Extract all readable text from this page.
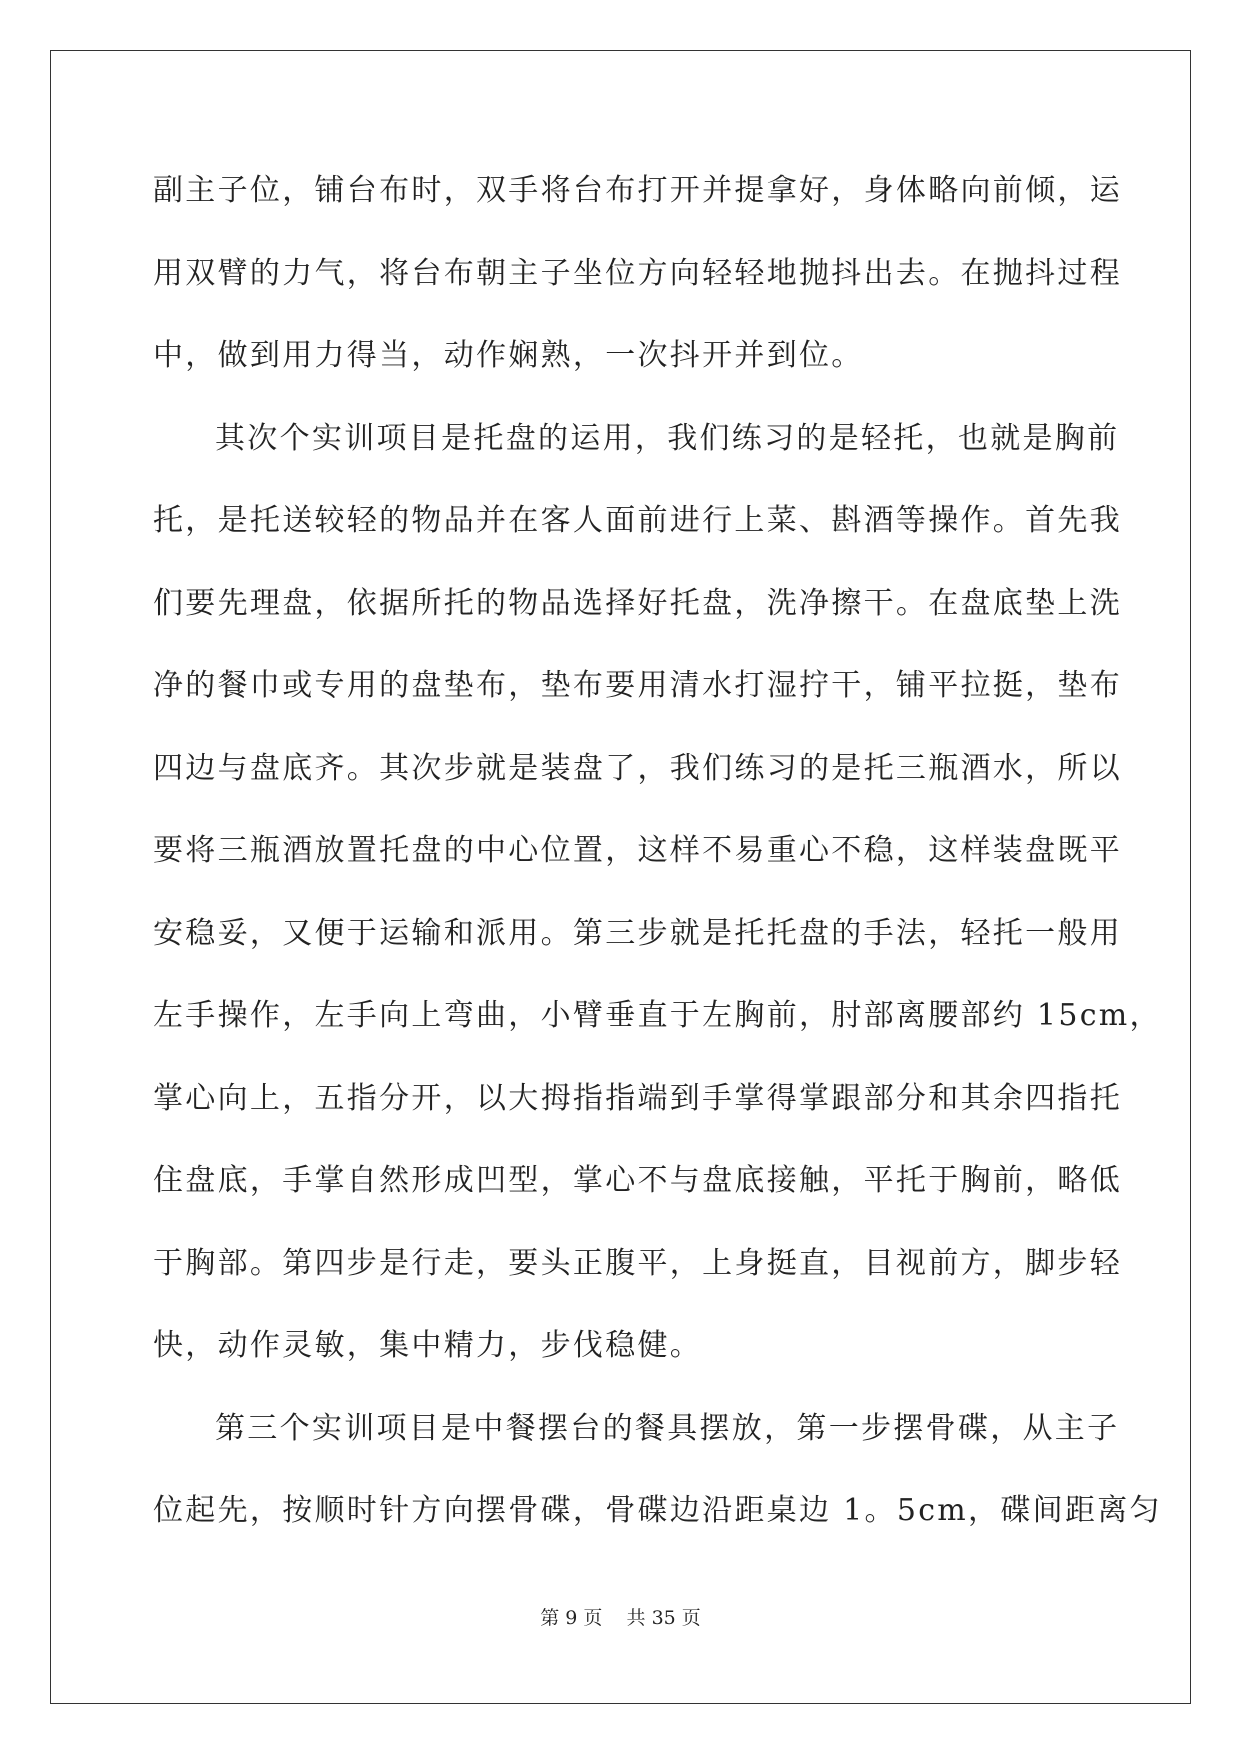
副主子位，铺台布时，双手将台布打开并提拿好，身体略向前倾，运
用双臂的力气，将台布朝主子坐位方向轻轻地抛抖出去。在抛抖过程
中，做到用力得当，动作娴熟，一次抖开并到位。
其次个实训项目是托盘的运用，我们练习的是轻托，也就是胸前
托，是托送较轻的物品并在客人面前进行上菜、斟酒等操作。首先我
们要先理盘，依据所托的物品选择好托盘，洗净擦干。在盘底垫上洗
净的餐巾或专用的盘垫布，垫布要用清水打湿拧干，铺平拉挺，垫布
四边与盘底齐。其次步就是装盘了，我们练习的是托三瓶酒水，所以
要将三瓶酒放置托盘的中心位置，这样不易重心不稳，这样装盘既平
安稳妥，又便于运输和派用。第三步就是托托盘的手法，轻托一般用
左手操作，左手向上弯曲，小臂垂直于左胸前，肘部离腰部约 15cm，
掌心向上，五指分开，以大拇指指端到手掌得掌跟部分和其余四指托
住盘底，手掌自然形成凹型，掌心不与盘底接触，平托于胸前，略低
于胸部。第四步是行走，要头正腹平，上身挺直，目视前方，脚步轻
快，动作灵敏，集中精力，步伐稳健。
第三个实训项目是中餐摆台的餐具摆放，第一步摆骨碟，从主子
位起先，按顺时针方向摆骨碟，骨碟边沿距桌边 1。5cm，碟间距离匀
第 9 页 共 35 页
